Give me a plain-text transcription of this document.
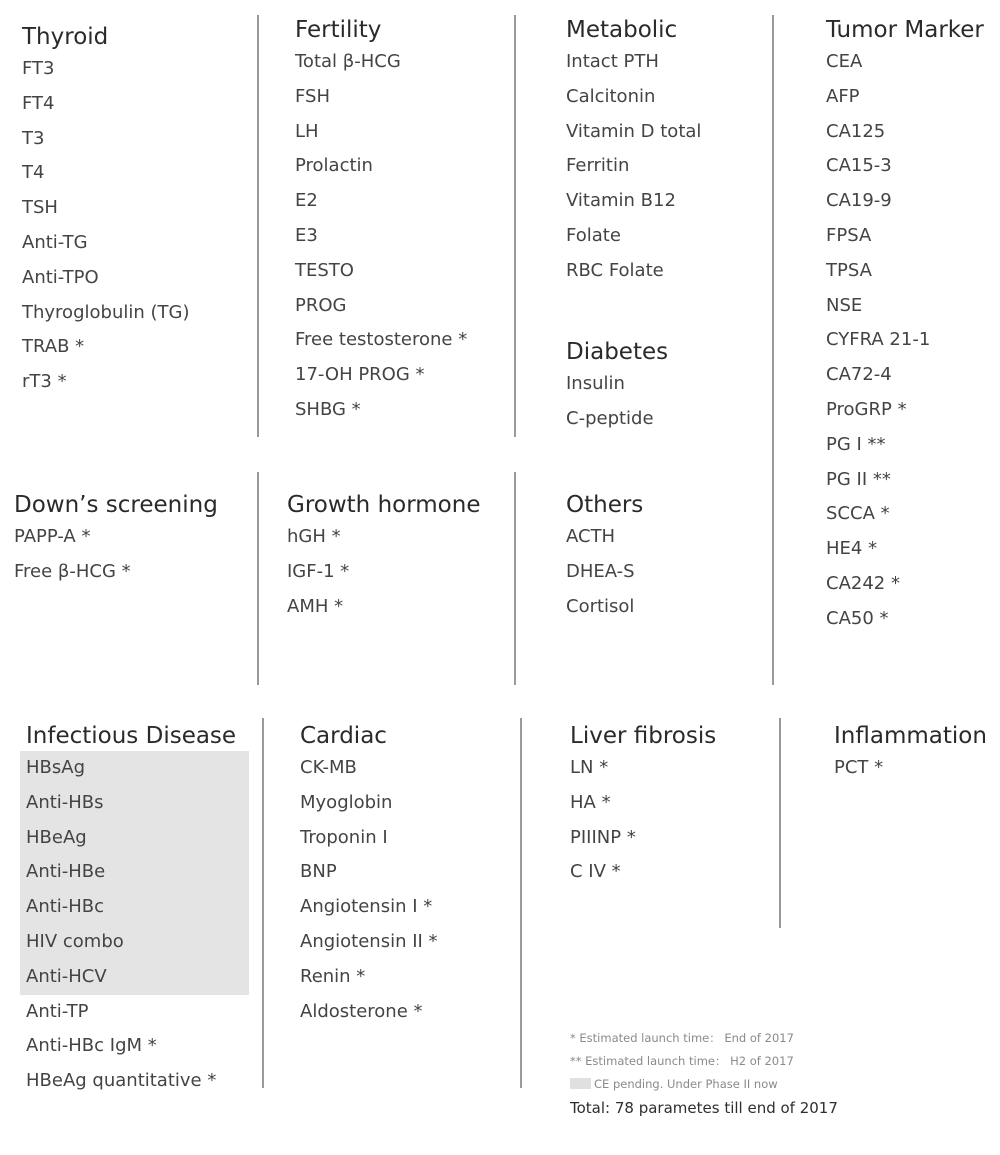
Thyroid
FT3
FT4
T3
T4
TSH
Anti-TG
Anti-TPO
Thyroglobulin (TG)
TRAB *
rT3 *
Fertility
Total β-HCG
FSH
LH
Prolactin
E2
E3
TESTO
PROG
Free testosterone *
17-OH PROG *
SHBG *
Metabolic
Intact PTH
Calcitonin
Vitamin D total
Ferritin
Vitamin B12
Folate
RBC Folate
Diabetes
Insulin
C-peptide
Tumor Marker
CEA
AFP
CA125
CA15-3
CA19-9
FPSA
TPSA
NSE
CYFRA 21-1
CA72-4
ProGRP *
PG I **
PG II **
SCCA *
HE4 *
CA242 *
CA50 *
Down’s screening
PAPP-A *
Free β-HCG *
Growth hormone
hGH *
IGF-1 *
AMH *
Others
ACTH
DHEA-S
Cortisol
Infectious Disease
HBsAg
Anti-HBs
HBeAg
Anti-HBe
Anti-HBc
HIV combo
Anti-HCV
Anti-TP
Anti-HBc IgM *
HBeAg quantitative *
Cardiac
CK-MB
Myoglobin
Troponin I
BNP
Angiotensin I *
Angiotensin II *
Renin *
Aldosterone *
Liver fibrosis
LN *
HA *
PIIINP *
C IV *
Inflammation
PCT *
* Estimated launch time： End of 2017
** Estimated launch time： H2 of 2017
CE pending. Under Phase II now
Total: 78 parametes till end of 2017
